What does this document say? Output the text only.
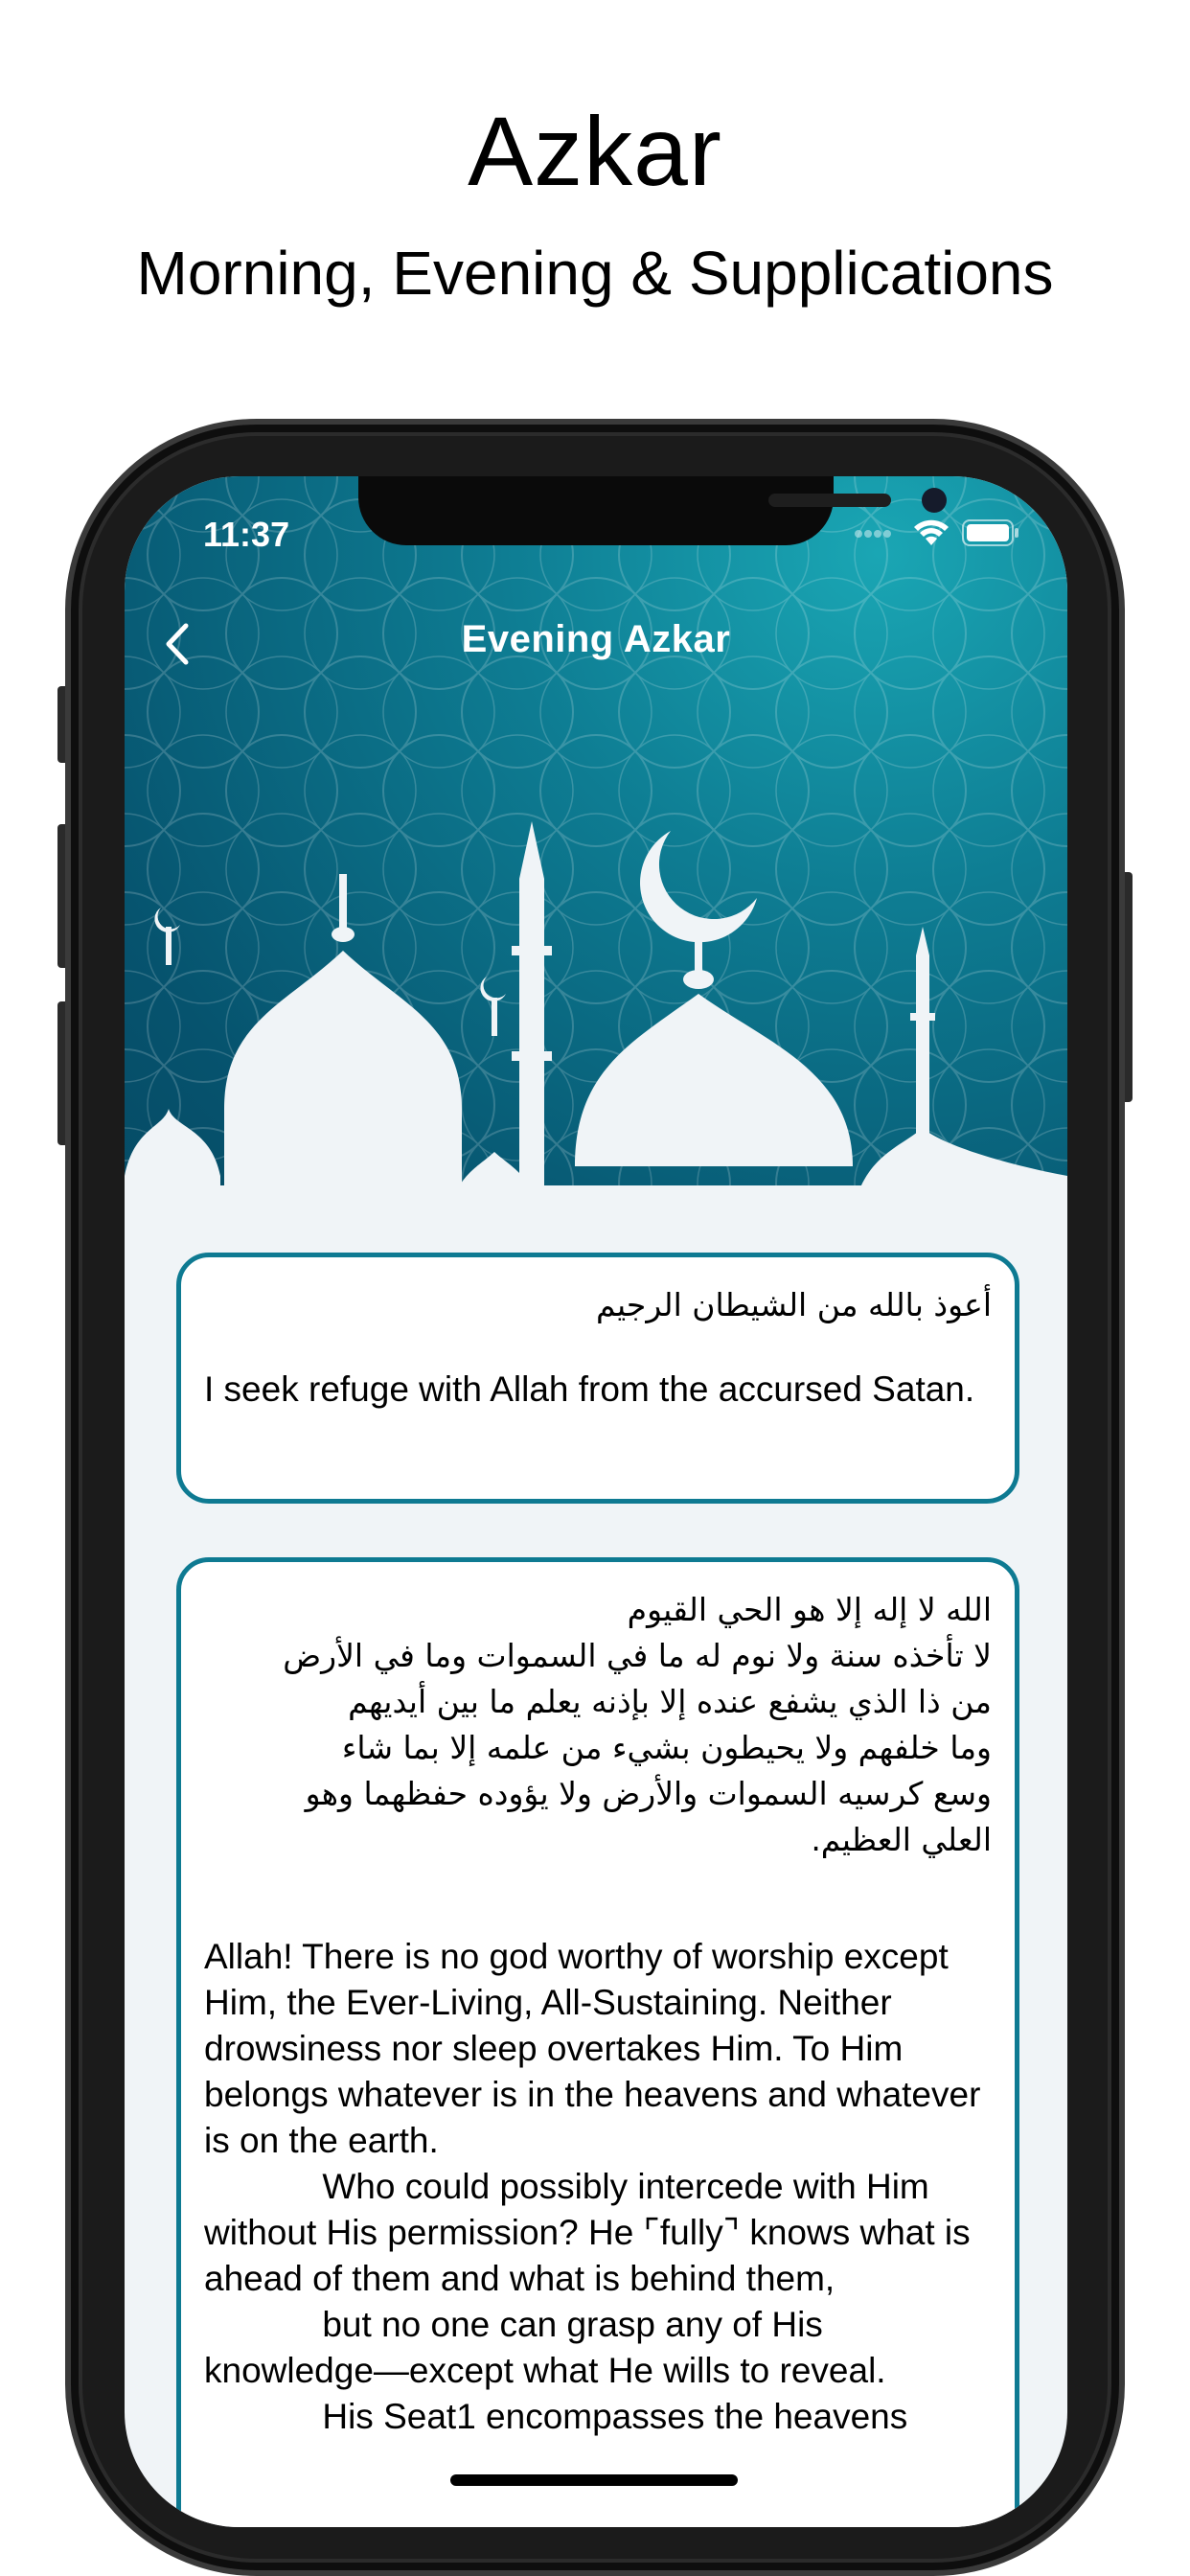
Azkar
Morning, Evening & Supplications
11:37
Evening Azkar
أعوذ بالله من الشيطان الرجيم
I seek refuge with Allah from the accursed Satan.
الله لا إله إلا هو الحي القيوم
لا تأخذه سنة ولا نوم له ما في السموات وما في الأرض
من ذا الذي يشفع عنده إلا بإذنه يعلم ما بين أيديهم
وما خلفهم ولا يحيطون بشيء من علمه إلا بما شاء
وسع كرسيه السموات والأرض ولا يؤوده حفظهما وهو
العلي العظيم.
Allah! There is no god worthy of worship except Him, the Ever-Living, All-Sustaining. Neither drowsiness nor sleep overtakes Him. To Him belongs whatever is in the heavens and whatever is on the earth.
Who could possibly intercede with Him without His permission? He ⌜fully⌝ knows what is ahead of them and what is behind them,
but no one can grasp any of His knowledge—except what He wills to reveal.
His Seat1 encompasses the heavens
